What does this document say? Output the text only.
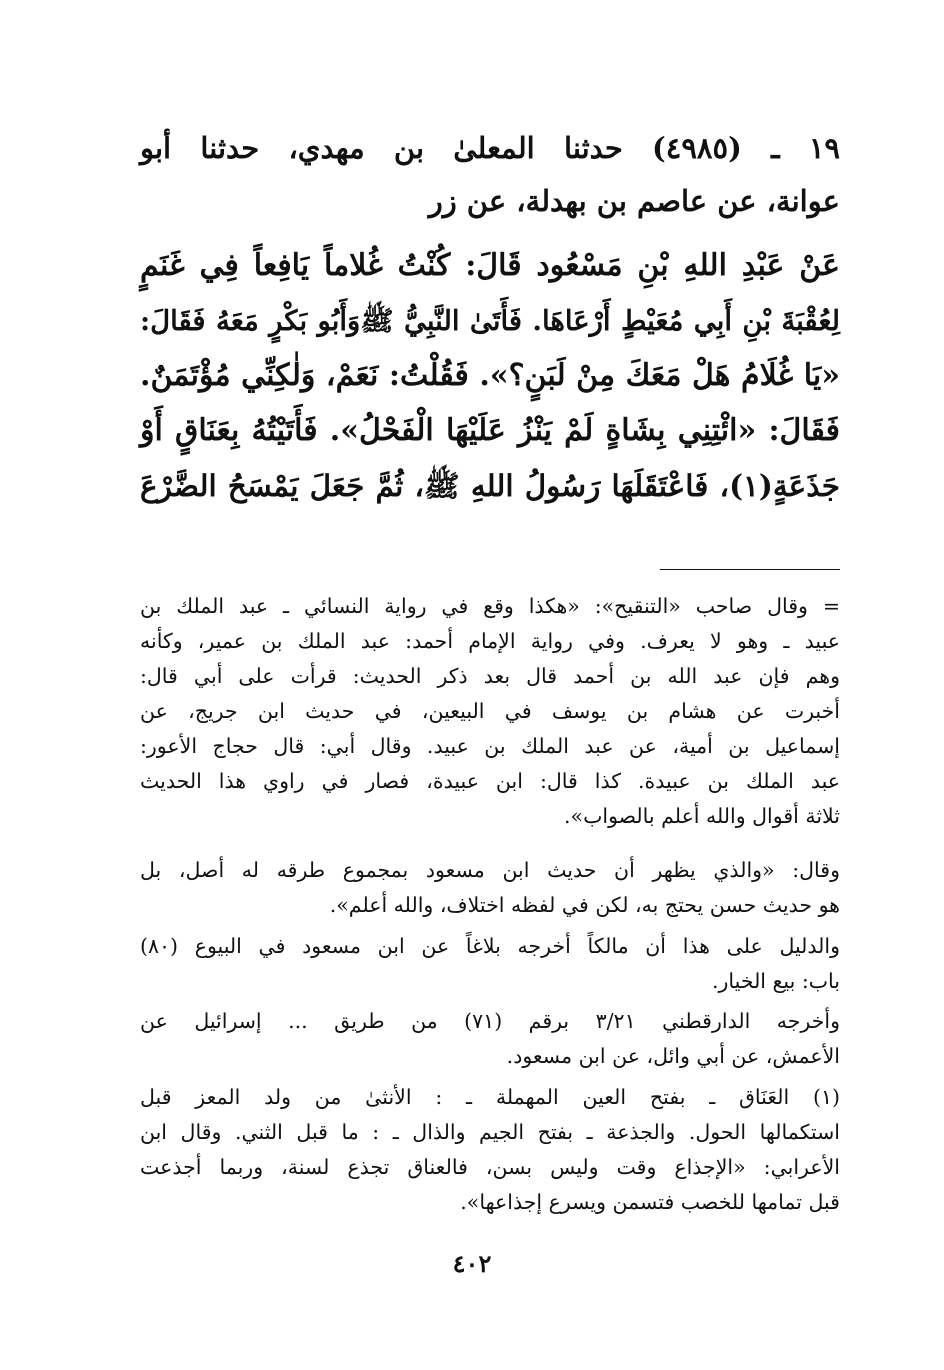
١٩ ـ (٤٩٨٥) حدثنا المعلىٰ بن مهدي، حدثنا أبو
عوانة، عن عاصم بن بهدلة، عن زر
عَنْ عَبْدِ اللهِ بْنِ مَسْعُود قَالَ: كُنْتُ غُلاماً يَافِعاً فِي غَنَمٍ
لِعُقْبَةَ بْنِ أَبِي مُعَيْطٍ أَرْعَاهَا. فَأَتَىٰ النَّبِيُّ ﷺوَأَبُو بَكْرٍ مَعَهُ فَقَالَ:
«يَا غُلَامُ هَلْ مَعَكَ مِنْ لَبَنٍ؟». فَقُلْتُ: نَعَمْ، وَلٰكِنِّي مُؤْتَمَنٌ.
فَقَالَ: «ائْتِنِي بِشَاةٍ لَمْ يَنْزُ عَلَيْهَا الْفَحْلُ». فَأَتَيْتُهُ بِعَنَاقٍ أَوْ
جَذَعَةٍ(١)، فَاعْتَقَلَهَا رَسُولُ اللهِ ﷺ، ثُمَّ جَعَلَ يَمْسَحُ الضَّرْعَ
= وقال صاحب «التنقيح»: «هكذا وقع في رواية النسائي ـ عبد الملك بن
عبيد ـ وهو لا يعرف. وفي رواية الإمام أحمد: عبد الملك بن عمير، وكأنه
وهم فإن عبد الله بن أحمد قال بعد ذكر الحديث: قرأت على أبي قال:
أخبرت عن هشام بن يوسف في البيعين، في حديث ابن جريج، عن
إسماعيل بن أمية، عن عبد الملك بن عبيد. وقال أبي: قال حجاج الأعور:
عبد الملك بن عبيدة. كذا قال: ابن عبيدة، فصار في راوي هذا الحديث
ثلاثة أقوال والله أعلم بالصواب».
وقال: «والذي يظهر أن حديث ابن مسعود بمجموع طرقه له أصل، بل
هو حديث حسن يحتج به، لكن في لفظه اختلاف، والله أعلم».
والدليل على هذا أن مالكاً أخرجه بلاغاً عن ابن مسعود في البيوع (٨٠)
باب: بيع الخيار.
وأخرجه الدارقطني ٣/٢١ برقم (٧١) من طريق ... إسرائيل عن
الأعمش، عن أبي وائل، عن ابن مسعود.
(١) العَنَاق ـ بفتح العين المهملة ـ : الأنثىٰ من ولد المعز قبل
استكمالها الحول. والجذعة ـ بفتح الجيم والذال ـ : ما قبل الثني. وقال ابن
الأعرابي: «الإجذاع وقت وليس بسن، فالعناق تجذع لسنة، وربما أجذعت
قبل تمامها للخصب فتسمن ويسرع إجذاعها».
٤٠٢
